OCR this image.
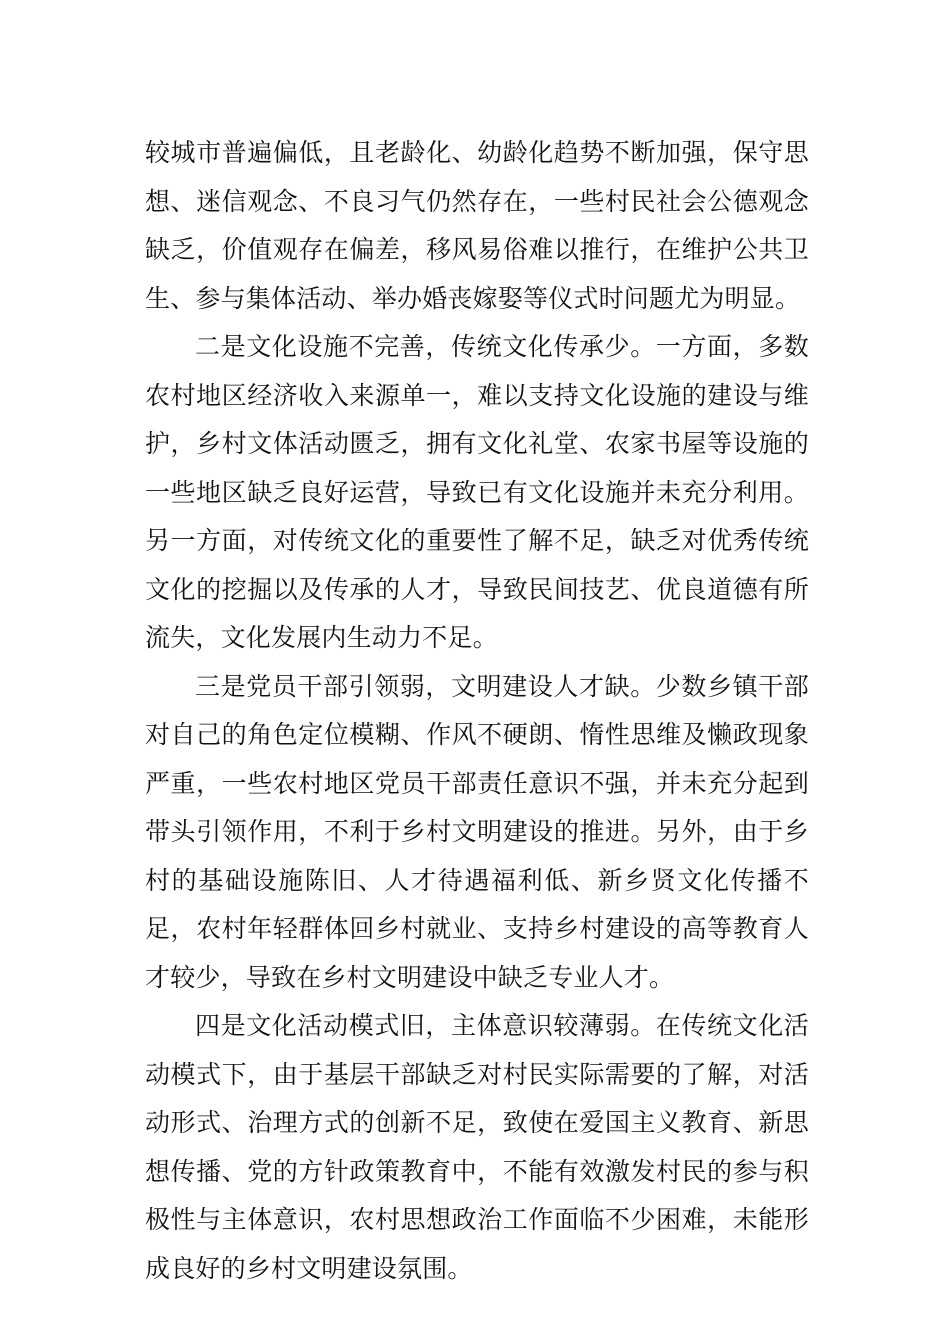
较城市普遍偏低，且老龄化、幼龄化趋势不断加强，保守思想、迷信观念、不良习气仍然存在，一些村民社会公德观念缺乏，价值观存在偏差，移风易俗难以推行，在维护公共卫生、参与集体活动、举办婚丧嫁娶等仪式时问题尤为明显。

二是文化设施不完善，传统文化传承少。一方面，多数农村地区经济收入来源单一，难以支持文化设施的建设与维护，乡村文体活动匮乏，拥有文化礼堂、农家书屋等设施的一些地区缺乏良好运营，导致已有文化设施并未充分利用。另一方面，对传统文化的重要性了解不足，缺乏对优秀传统文化的挖掘以及传承的人才，导致民间技艺、优良道德有所流失，文化发展内生动力不足。

三是党员干部引领弱，文明建设人才缺。少数乡镇干部对自己的角色定位模糊、作风不硬朗、惰性思维及懒政现象严重，一些农村地区党员干部责任意识不强，并未充分起到带头引领作用，不利于乡村文明建设的推进。另外，由于乡村的基础设施陈旧、人才待遇福利低、新乡贤文化传播不足，农村年轻群体回乡村就业、支持乡村建设的高等教育人才较少，导致在乡村文明建设中缺乏专业人才。

四是文化活动模式旧，主体意识较薄弱。在传统文化活动模式下，由于基层干部缺乏对村民实际需要的了解，对活动形式、治理方式的创新不足，致使在爱国主义教育、新思想传播、党的方针政策教育中，不能有效激发村民的参与积极性与主体意识，农村思想政治工作面临不少困难，未能形成良好的乡村文明建设氛围。
